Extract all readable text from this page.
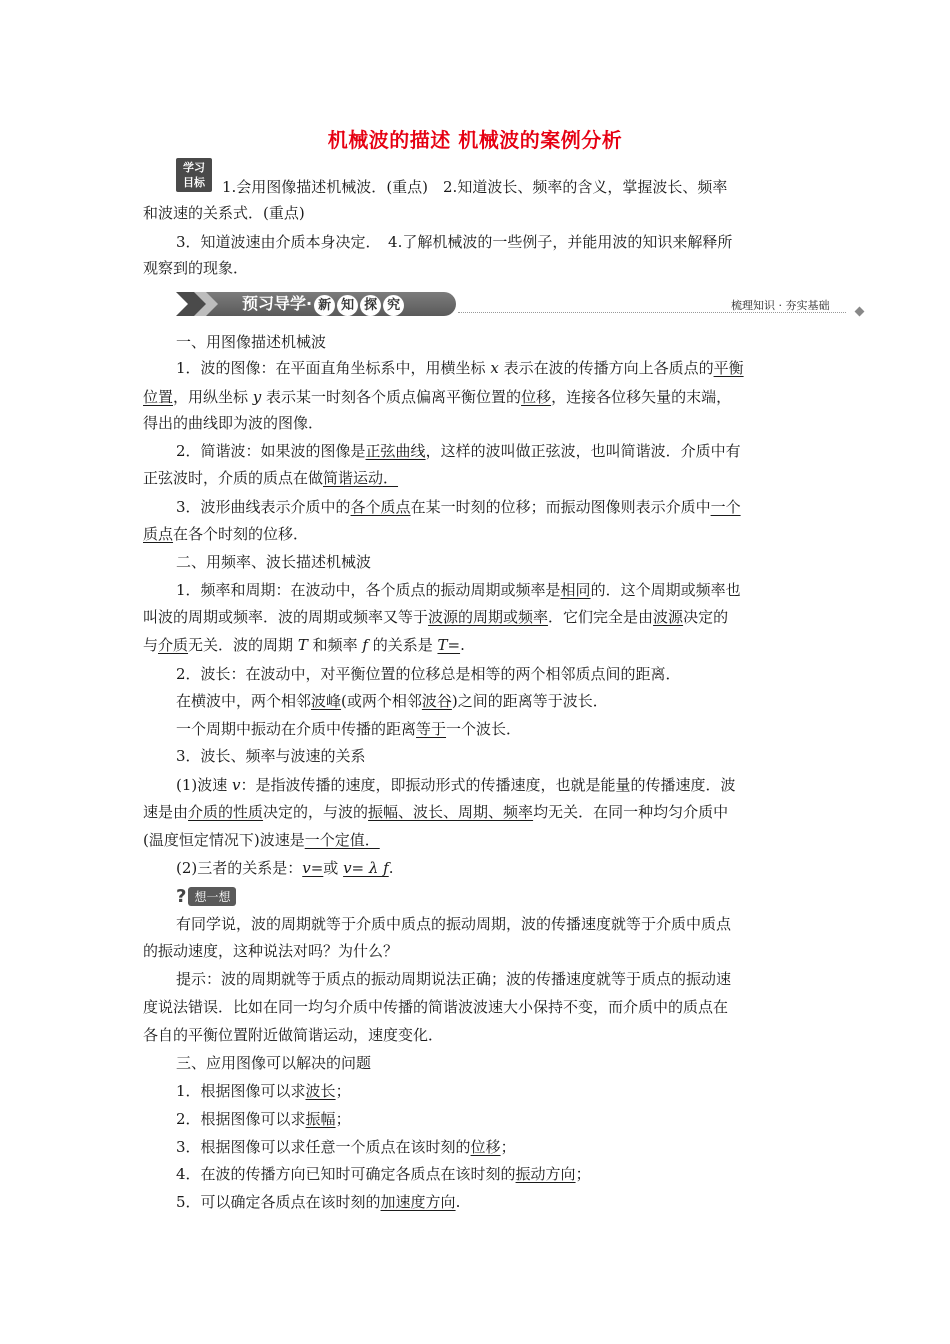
机械波的描述 机械波的案例分析
学习
目标	1.会用图像描述机械波．(重点)　2.知道波长、频率的含义，掌握波长、频率
和波速的关系式．(重点)
3．知道波速由介质本身决定．　4.了解机械波的一些例子，并能用波的知识来解释所
观察到的现象．
预习导学· 新 知 探 究	梳理知识 · 夯实基础
一、用图像描述机械波
1．波的图像：在平面直角坐标系中，用横坐标 x 表示在波的传播方向上各质点的平衡
位置，用纵坐标 y 表示某一时刻各个质点偏离平衡位置的位移，连接各位移矢量的末端，
得出的曲线即为波的图像．
2．简谐波：如果波的图像是正弦曲线，这样的波叫做正弦波，也叫简谐波．介质中有
正弦波时，介质的质点在做简谐运动．
3．波形曲线表示介质中的各个质点在某一时刻的位移；而振动图像则表示介质中一个
质点在各个时刻的位移．
二、用频率、波长描述机械波
1．频率和周期：在波动中，各个质点的振动周期或频率是相同的．这个周期或频率也
叫波的周期或频率．波的周期或频率又等于波源的周期或频率．它们完全是由波源决定的
与介质无关．波的周期 T 和频率 f 的关系是 T=.
2．波长：在波动中，对平衡位置的位移总是相等的两个相邻质点间的距离．
在横波中，两个相邻波峰(或两个相邻波谷)之间的距离等于波长．
一个周期中振动在介质中传播的距离等于一个波长．
3．波长、频率与波速的关系
(1)波速 v：是指波传播的速度，即振动形式的传播速度，也就是能量的传播速度．波
速是由介质的性质决定的，与波的振幅、波长、周期、频率均无关．在同一种均匀介质中
(温度恒定情况下)波速是一个定值．
(2)三者的关系是：v=或 v= λ f.
? 想一想
有同学说，波的周期就等于介质中质点的振动周期，波的传播速度就等于介质中质点
的振动速度，这种说法对吗？为什么？
提示：波的周期就等于质点的振动周期说法正确；波的传播速度就等于质点的振动速
度说法错误．比如在同一均匀介质中传播的简谐波波速大小保持不变，而介质中的质点在
各自的平衡位置附近做简谐运动，速度变化．
三、应用图像可以解决的问题
1．根据图像可以求波长；
2．根据图像可以求振幅；
3．根据图像可以求任意一个质点在该时刻的位移；
4．在波的传播方向已知时可确定各质点在该时刻的振动方向；
5．可以确定各质点在该时刻的加速度方向.
